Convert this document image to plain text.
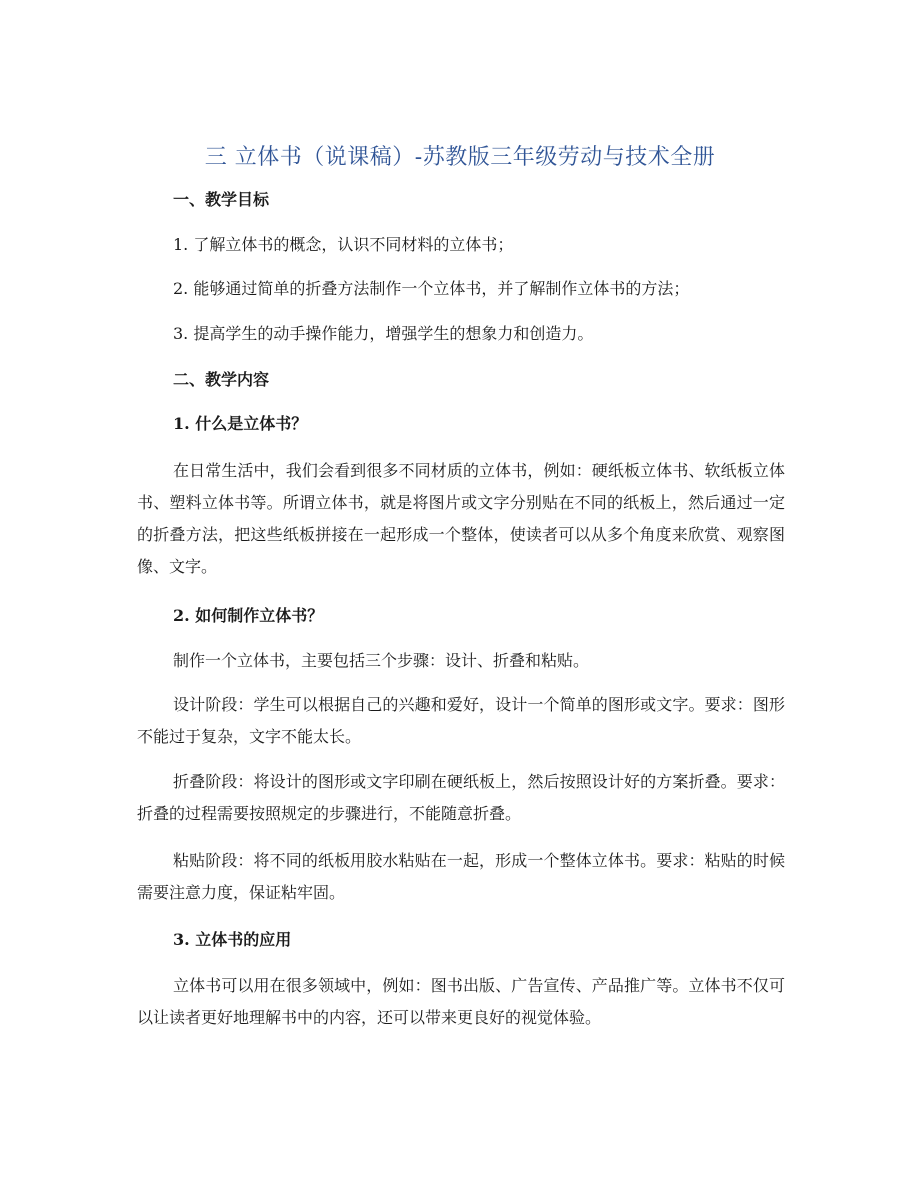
三 立体书（说课稿）-苏教版三年级劳动与技术全册
一、教学目标
1. 了解立体书的概念，认识不同材料的立体书；
2. 能够通过简单的折叠方法制作一个立体书，并了解制作立体书的方法；
3. 提高学生的动手操作能力，增强学生的想象力和创造力。
二、教学内容
1. 什么是立体书？
在日常生活中，我们会看到很多不同材质的立体书，例如：硬纸板立体书、软纸板立体书、塑料立体书等。所谓立体书，就是将图片或文字分别贴在不同的纸板上，然后通过一定的折叠方法，把这些纸板拼接在一起形成一个整体，使读者可以从多个角度来欣赏、观察图像、文字。
2. 如何制作立体书？
制作一个立体书，主要包括三个步骤：设计、折叠和粘贴。
设计阶段：学生可以根据自己的兴趣和爱好，设计一个简单的图形或文字。要求：图形不能过于复杂，文字不能太长。
折叠阶段：将设计的图形或文字印刷在硬纸板上，然后按照设计好的方案折叠。要求：折叠的过程需要按照规定的步骤进行，不能随意折叠。
粘贴阶段：将不同的纸板用胶水粘贴在一起，形成一个整体立体书。要求：粘贴的时候需要注意力度，保证粘牢固。
3. 立体书的应用
立体书可以用在很多领域中，例如：图书出版、广告宣传、产品推广等。立体书不仅可以让读者更好地理解书中的内容，还可以带来更良好的视觉体验。
